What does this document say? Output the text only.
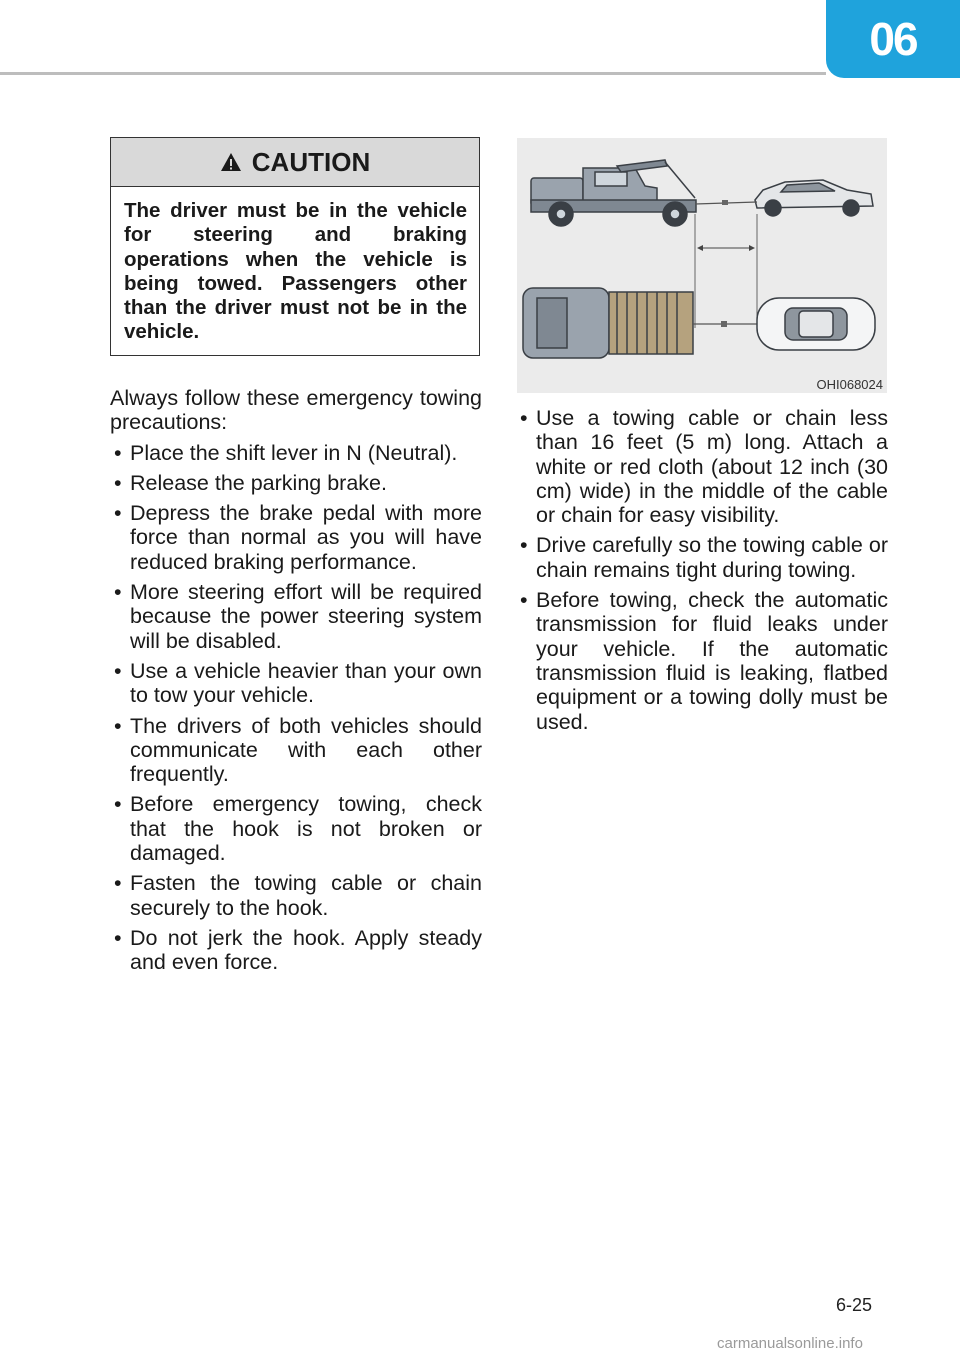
06
CAUTION
The driver must be in the vehicle for steering and braking operations when the vehicle is being towed. Passengers other than the driver must not be in the vehicle.

Always follow these emergency towing precautions:

• Place the shift lever in N (Neutral).
• Release the parking brake.
• Depress the brake pedal with more force than normal as you will have reduced braking performance.
• More steering effort will be required because the power steering system will be disabled.
• Use a vehicle heavier than your own to tow your vehicle.
• The drivers of both vehicles should communicate with each other frequently.
• Before emergency towing, check that the hook is not broken or damaged.
• Fasten the towing cable or chain securely to the hook.
• Do not jerk the hook. Apply steady and even force.
OHI068024
• Use a towing cable or chain less than 16 feet (5 m) long. Attach a white or red cloth (about 12 inch (30 cm) wide) in the middle of the cable or chain for easy visibility.
• Drive carefully so the towing cable or chain remains tight during towing.
• Before towing, check the automatic transmission for fluid leaks under your vehicle. If the automatic transmission fluid is leaking, flatbed equipment or a towing dolly must be used.
6-25
carmanualsonline.info
